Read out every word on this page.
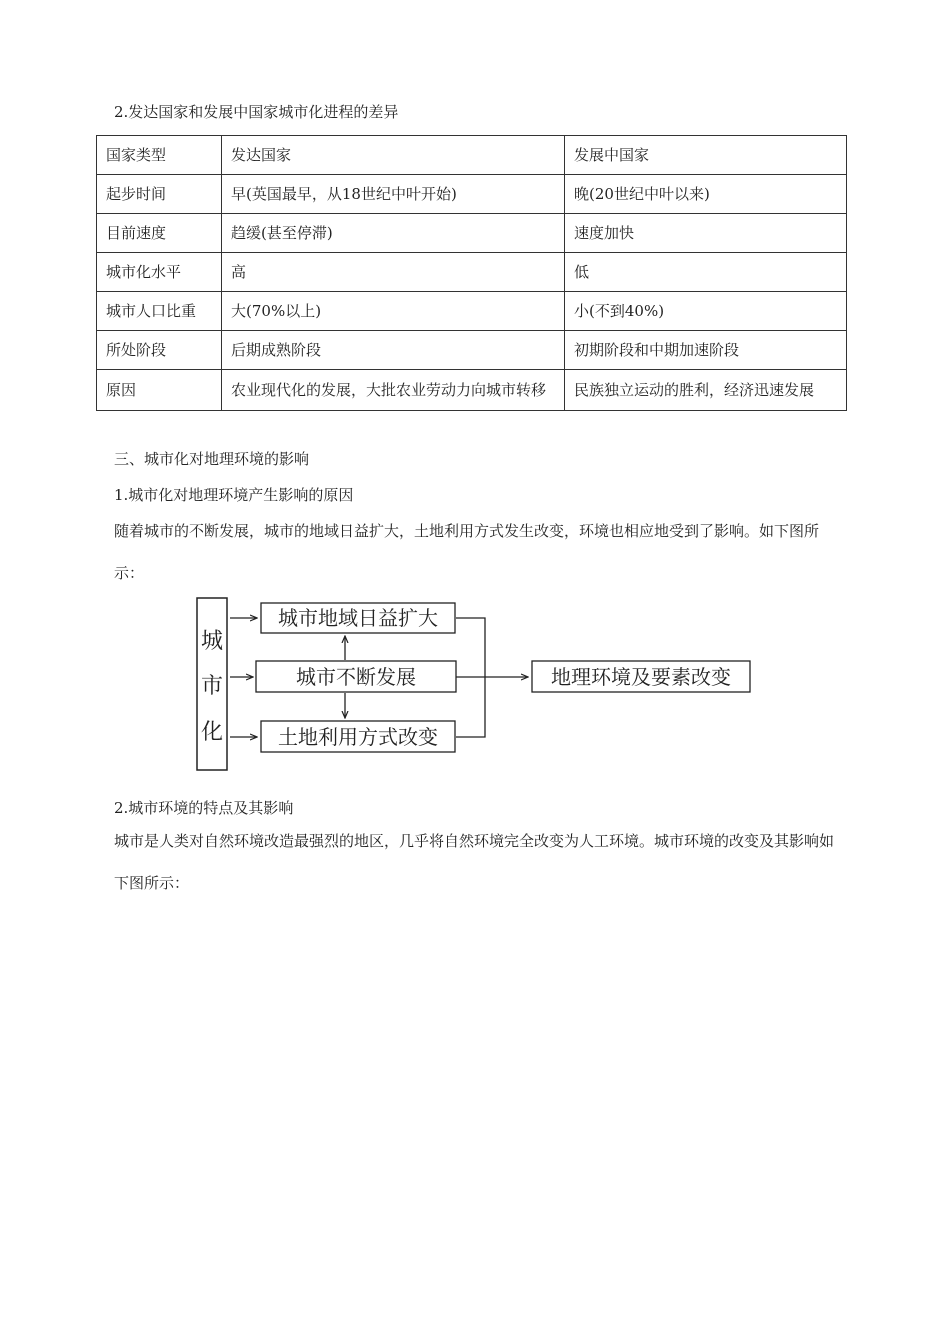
2.发达国家和发展中国家城市化进程的差异
国家类型	发达国家	发展中国家
起步时间	早(英国最早，从18世纪中叶开始)	晚(20世纪中叶以来)
目前速度	趋缓(甚至停滞)	速度加快
城市化水平	高	低
城市人口比重	大(70%以上)	小(不到40%)
所处阶段	后期成熟阶段	初期阶段和中期加速阶段
原因	农业现代化的发展，大批农业劳动力向城市转移	民族独立运动的胜利，经济迅速发展
三、城市化对地理环境的影响
1.城市化对地理环境产生影响的原因
随着城市的不断发展，城市的地域日益扩大，土地利用方式发生改变，环境也相应地受到了影响。如下图所示：
城
市
化
城市地域日益扩大
城市不断发展
土地利用方式改变
地理环境及要素改变
2.城市环境的特点及其影响
城市是人类对自然环境改造最强烈的地区，几乎将自然环境完全改变为人工环境。城市环境的改变及其影响如下图所示：
